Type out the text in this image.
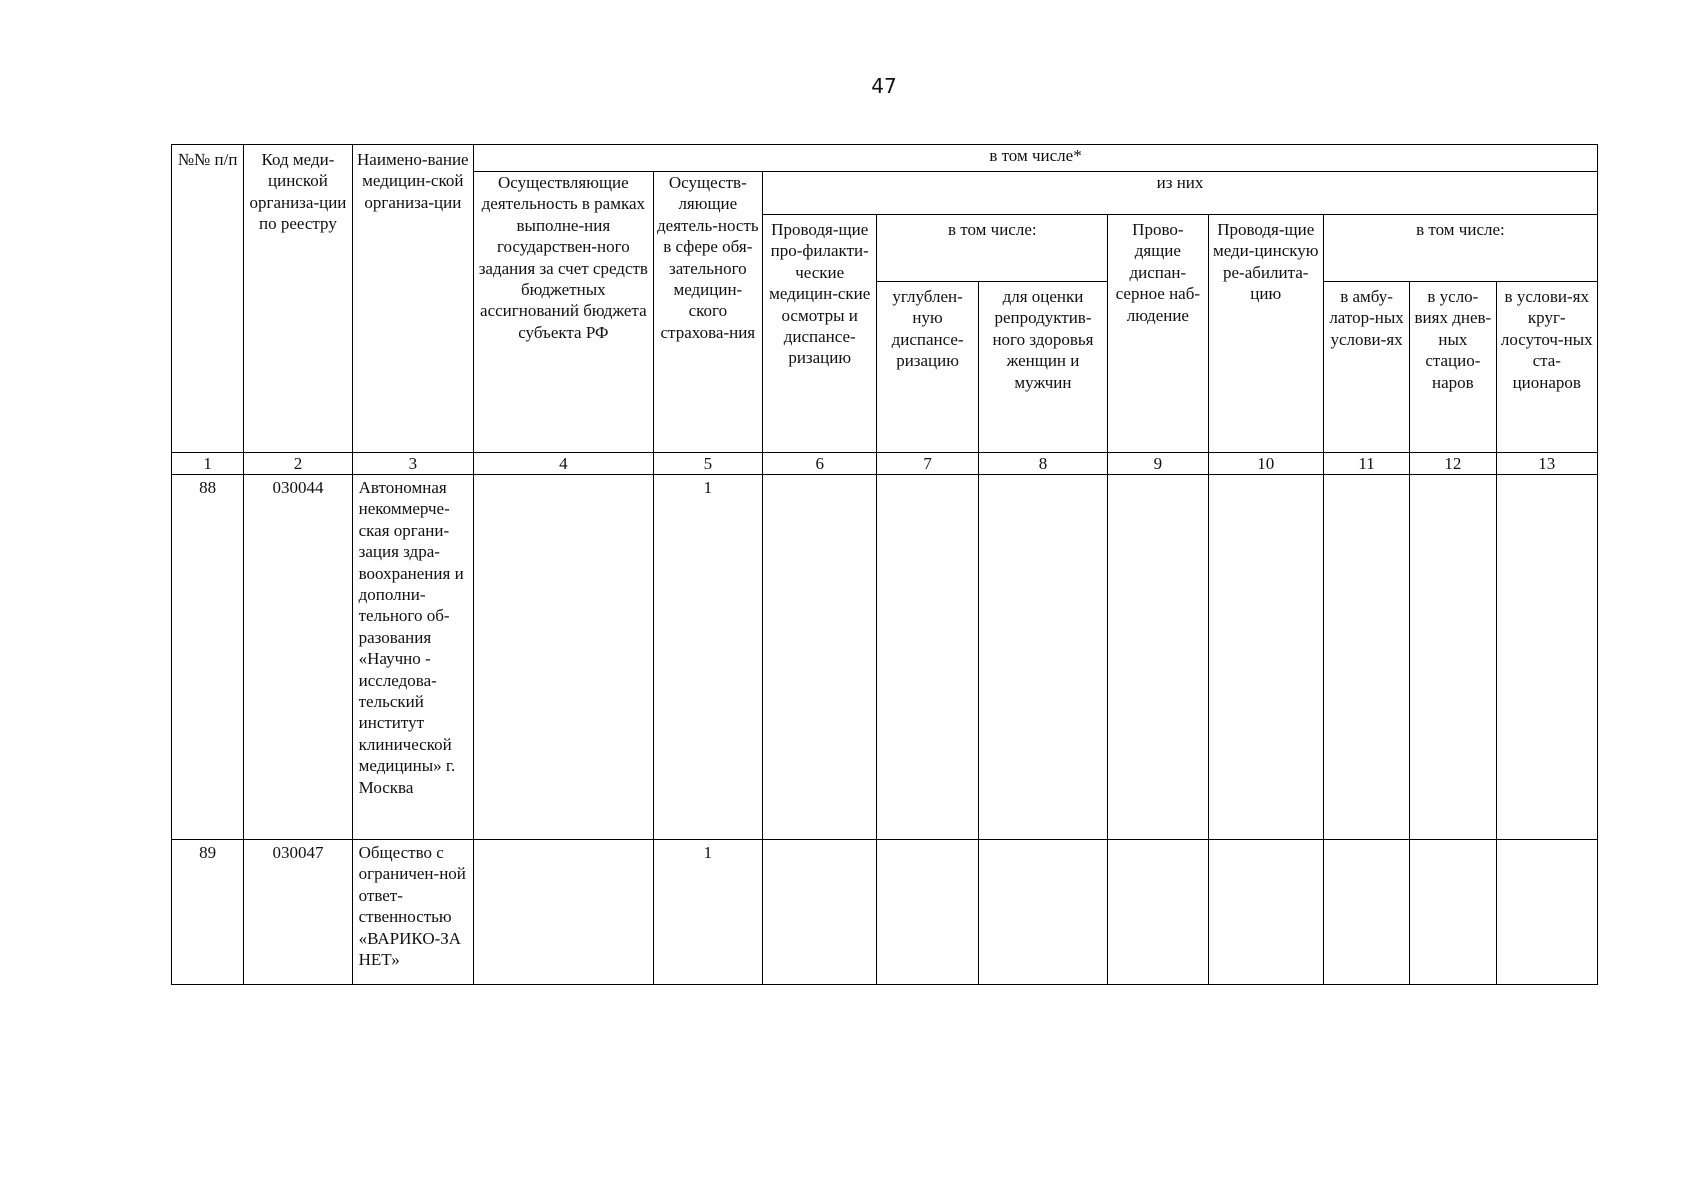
47
№№ п/п	Код меди-цинской организа-ции по реестру	Наимено-вание медицин-ской организа-ции	в том числе*									
			Осуществляющие деятельность в рамках выполне-ния государствен-ного задания за счет средств бюджетных ассигнований бюджета субъекта РФ	Осуществ-ляющие деятель-ность в сфере обя-зательного медицин-ского страхова-ния	из них							
					Проводя-щие про-филакти-ческие медицин-ские осмотры и диспансе-ризацию	в том числе:		Прово-дящие диспан-серное наб-людение	Проводя-щие меди-цинскую ре-абилита-цию	в том числе:		
						углублен-ную диспансе-ризацию	для оценки репродуктив-ного здоровья женщин и мужчин			в амбу-латор-ных услови-ях	в усло-виях днев-ных стацио-наров	в услови-ях круг-лосуточ-ных ста-ционаров
1	2	3	4	5	6	7	8	9	10	11	12	13
88	030044	Автономная некоммерче-ская органи-зация здра-воохранения и дополни-тельного об-разования «Научно - исследова-тельский институт клинической медицины» г. Москва		1								
89	030047	Общество с ограничен-ной ответ-ственностью «ВАРИКО-ЗА НЕТ»		1								
